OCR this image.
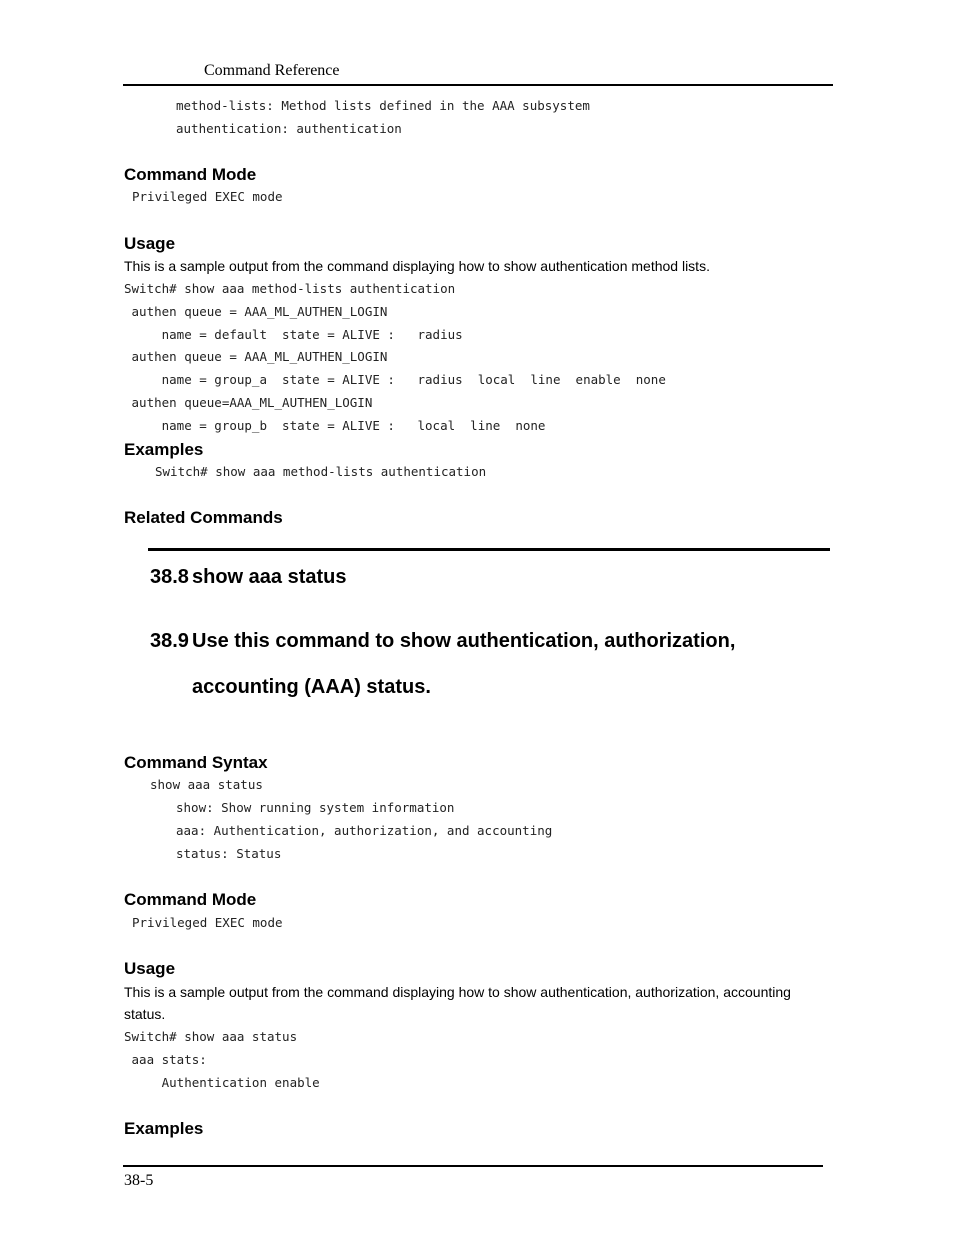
Command Reference
method-lists: Method lists defined in the AAA subsystem
authentication: authentication
Command Mode
Privileged EXEC mode
Usage
This is a sample output from the command displaying how to show authentication method lists.
Switch# show aaa method-lists authentication
authen queue = AAA_ML_AUTHEN_LOGIN
name = default  state = ALIVE :   radius
authen queue = AAA_ML_AUTHEN_LOGIN
name = group_a  state = ALIVE :   radius  local  line  enable  none
authen queue=AAA_ML_AUTHEN_LOGIN
name = group_b  state = ALIVE :   local  line  none
Examples
Switch# show aaa method-lists authentication
Related Commands
38.8 show aaa status
38.9 Use this command to show authentication, authorization,
accounting (AAA) status.
Command Syntax
show aaa status
show: Show running system information
aaa: Authentication, authorization, and accounting
status: Status
Command Mode
Privileged EXEC mode
Usage
This is a sample output from the command displaying how to show authentication, authorization, accounting
status.
Switch# show aaa status
aaa stats:
Authentication enable
Examples
38-5
